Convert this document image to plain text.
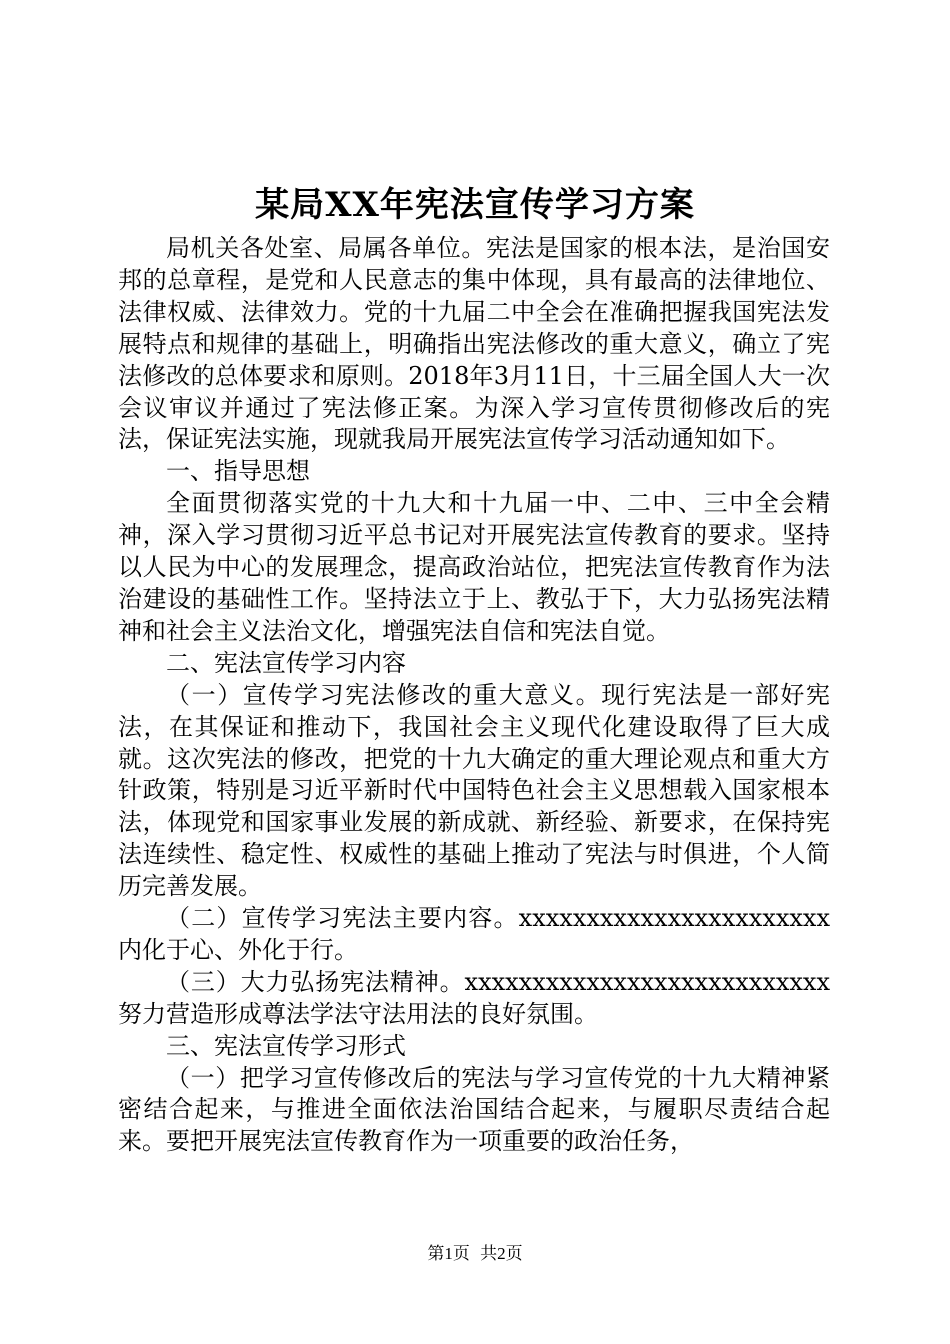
某局XX年宪法宣传学习方案

局机关各处室、局属各单位。宪法是国家的根本法，是治国安邦的总章程，是党和人民意志的集中体现，具有最高的法律地位、法律权威、法律效力。党的十九届二中全会在准确把握我国宪法发展特点和规律的基础上，明确指出宪法修改的重大意义，确立了宪法修改的总体要求和原则。2018年3月11日，十三届全国人大一次会议审议并通过了宪法修正案。为深入学习宣传贯彻修改后的宪法，保证宪法实施，现就我局开展宪法宣传学习活动通知如下。

一、指导思想

全面贯彻落实党的十九大和十九届一中、二中、三中全会精神，深入学习贯彻习近平总书记对开展宪法宣传教育的要求。坚持以人民为中心的发展理念，提高政治站位，把宪法宣传教育作为法治建设的基础性工作。坚持法立于上、教弘于下，大力弘扬宪法精神和社会主义法治文化，增强宪法自信和宪法自觉。

二、宪法宣传学习内容

（一）宣传学习宪法修改的重大意义。现行宪法是一部好宪法，在其保证和推动下，我国社会主义现代化建设取得了巨大成就。这次宪法的修改，把党的十九大确定的重大理论观点和重大方针政策，特别是习近平新时代中国特色社会主义思想载入国家根本法，体现党和国家事业发展的新成就、新经验、新要求，在保持宪法连续性、稳定性、权威性的基础上推动了宪法与时俱进，个人简历完善发展。

（二）宣传学习宪法主要内容。xxxxxxxxxxxxxxxxxxxxxxx内化于心、外化于行。

（三）大力弘扬宪法精神。xxxxxxxxxxxxxxxxxxxxxxxxxxx努力营造形成尊法学法守法用法的良好氛围。

三、宪法宣传学习形式

（一）把学习宣传修改后的宪法与学习宣传党的十九大精神紧密结合起来，与推进全面依法治国结合起来，与履职尽责结合起来。要把开展宪法宣传教育作为一项重要的政治任务，

第1页 共2页
